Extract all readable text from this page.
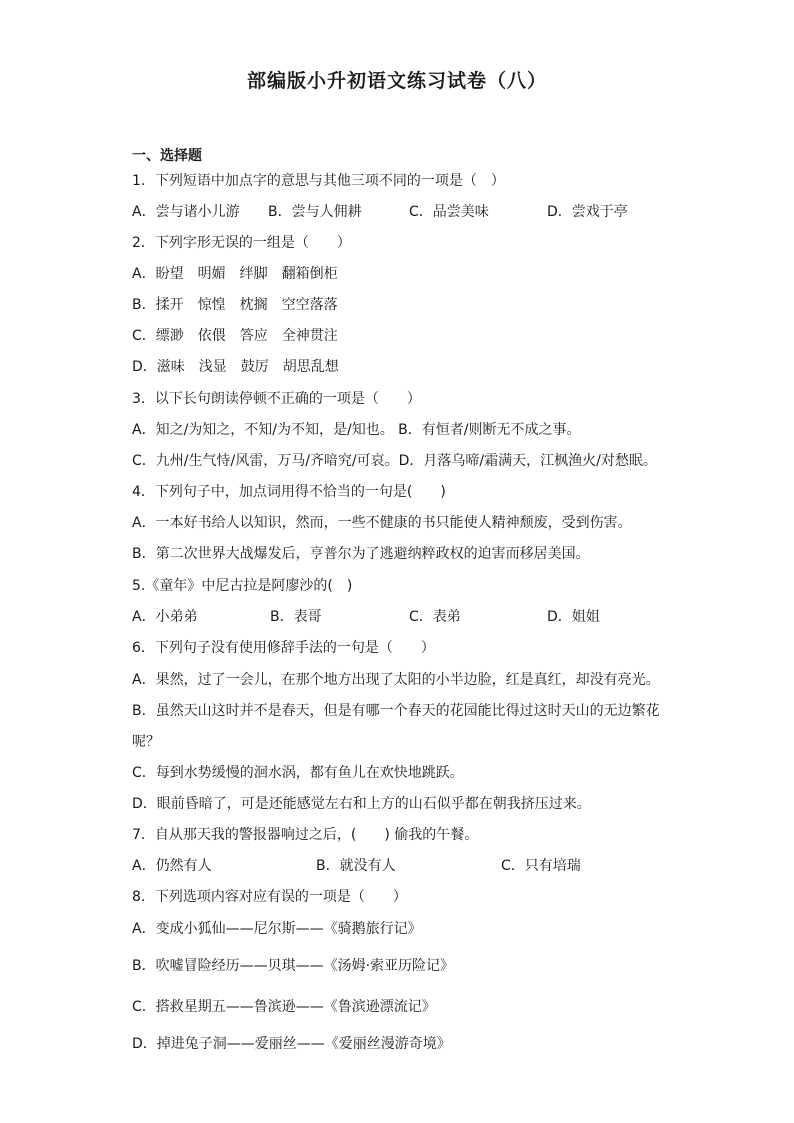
部编版小升初语文练习试卷（八）
一、选择题
1．下列短语中加点字的意思与其他三项不同的一项是（　）
A．尝与诸小儿游 B．尝与人佣耕	C．品尝美味	D．尝戏于亭
2．下列字形无误的一组是（　　）
A．盼望　明媚　绊脚　翻箱倒柜
B．揉开　惊惶　枕搁　空空落落
C．缥渺　依偎　答应　全神贯注
D．滋味　浅显　鼓厉　胡思乱想
3．以下长句朗读停顿不正确的一项是（　　）
A．知之/为知之，不知/为不知，是/知也。 B．有恒者/则断无不成之事。
C．九州/生气恃/风雷，万马/齐喑究/可哀。D．月落乌啼/霜满天，江枫渔火/对愁眠。
4．下列句子中，加点词用得不恰当的一句是(　　)
A．一本好书给人以知识，然而，一些不健康的书只能使人精神颓废，受到伤害。
B．第二次世界大战爆发后，亨普尔为了逃避纳粹政权的迫害而移居美国。
5.《童年》中尼古拉是阿廖沙的(　)
A．小弟弟	B．表哥	C．表弟	D．姐姐
6．下列句子没有使用修辞手法的一句是（　　）
A．果然，过了一会儿，在那个地方出现了太阳的小半边脸，红是真红，却没有亮光。
B．虽然天山这时并不是春天，但是有哪一个春天的花园能比得过这时天山的无边繁花
呢？
C．每到水势缓慢的洄水涡，都有鱼儿在欢快地跳跃。
D．眼前昏暗了，可是还能感觉左右和上方的山石似乎都在朝我挤压过来。
7．自从那天我的警报器响过之后，(　　) 偷我的午餐。
A．仍然有人	B．就没有人	C．只有培瑞
8．下列选项内容对应有误的一项是（　　）
A．变成小狐仙——尼尔斯——《骑鹅旅行记》
B．吹嘘冒险经历——贝琪——《汤姆·索亚历险记》
C．搭救星期五——鲁滨逊——《鲁滨逊漂流记》
D．掉进兔子洞——爱丽丝——《爱丽丝漫游奇境》
